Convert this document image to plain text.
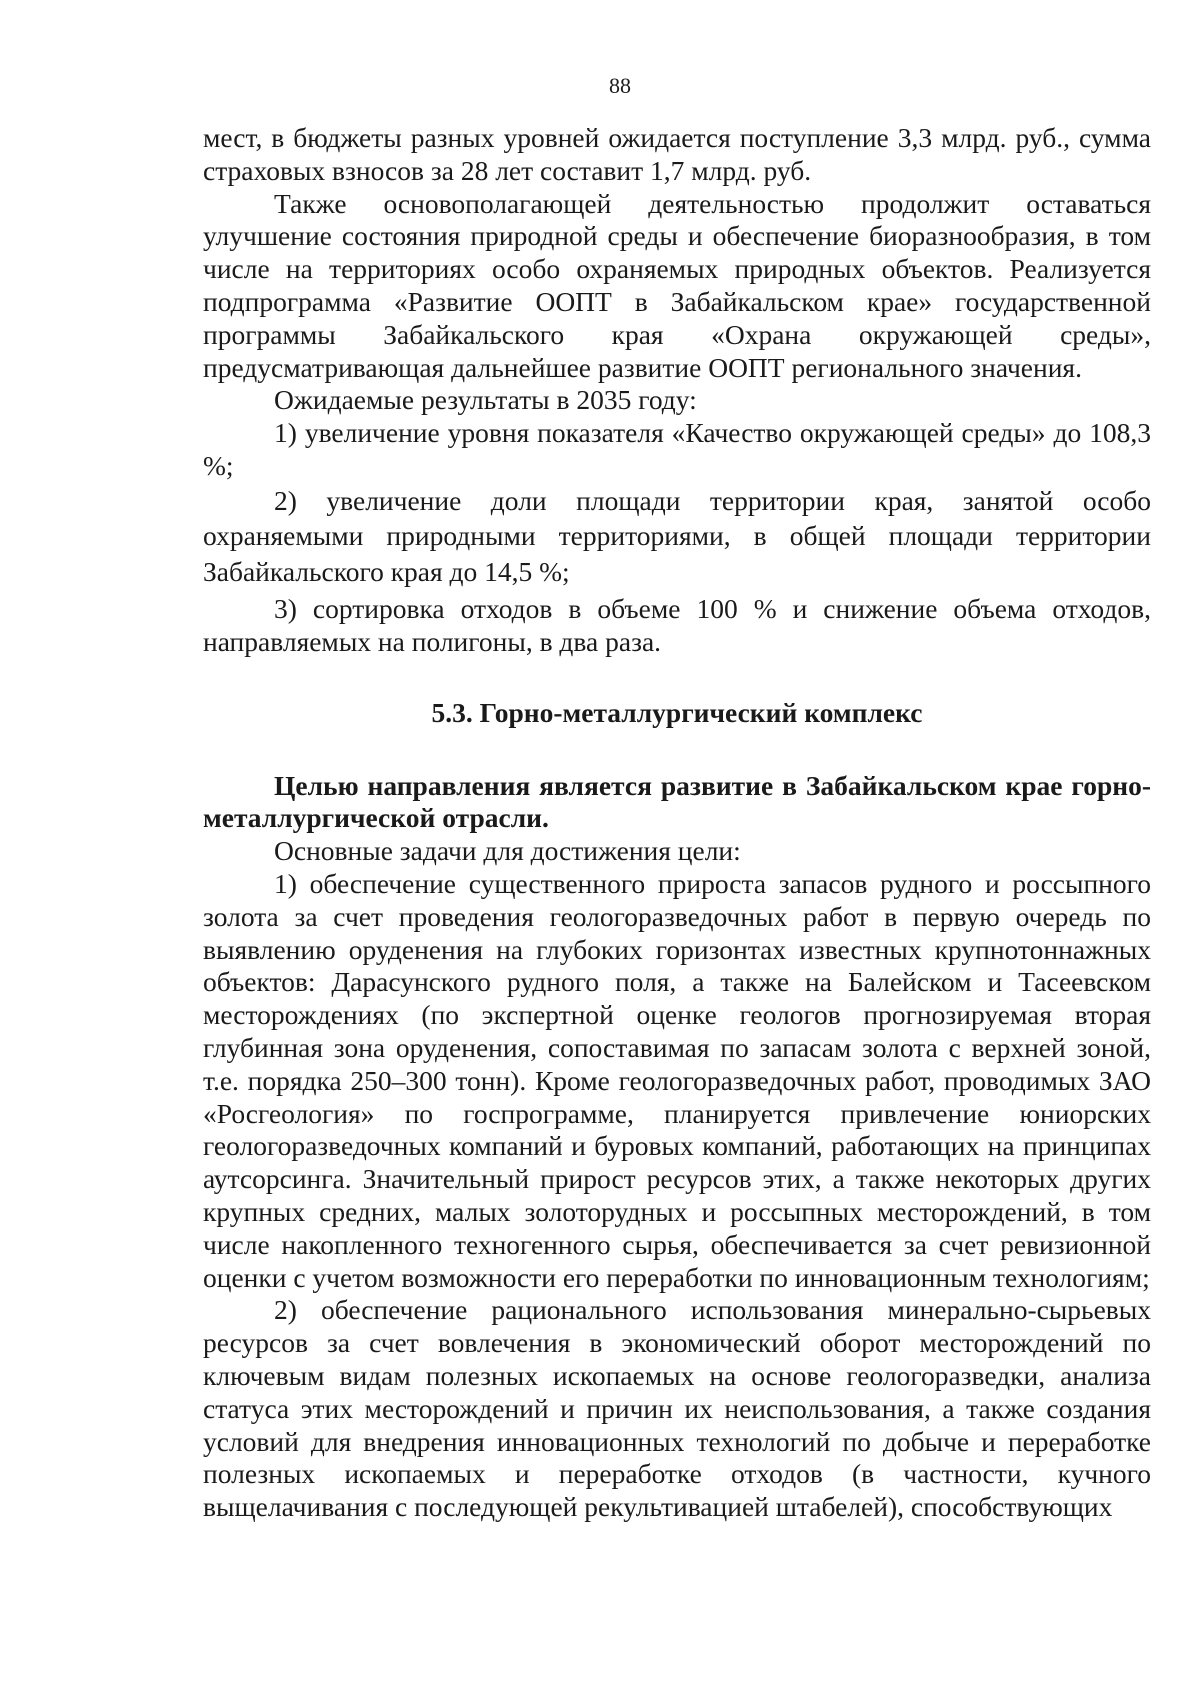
88

мест, в бюджеты разных уровней ожидается поступление 3,3 млрд. руб., сумма страховых взносов за 28 лет составит 1,7 млрд. руб.

Также основополагающей деятельностью продолжит оставаться улучшение состояния природной среды и обеспечение биоразнообразия, в том числе на территориях особо охраняемых природных объектов. Реализуется подпрограмма «Развитие ООПТ в Забайкальском крае» государственной программы Забайкальского края «Охрана окружающей среды», предусматривающая дальнейшее развитие ООПТ регионального значения.

Ожидаемые результаты в 2035 году:

1) увеличение уровня показателя «Качество окружающей среды» до 108,3 %;

2) увеличение доли площади территории края, занятой особо охраняемыми природными территориями, в общей площади территории Забайкальского края до 14,5 %;

3) сортировка отходов в объеме 100 % и снижение объема отходов, направляемых на полигоны, в два раза.

5.3. Горно-металлургический комплекс

Целью направления является развитие в Забайкальском крае горно-металлургической отрасли.

Основные задачи для достижения цели:

1) обеспечение существенного прироста запасов рудного и россыпного золота за счет проведения геологоразведочных работ в первую очередь по выявлению оруденения на глубоких горизонтах известных крупнотоннажных объектов: Дарасунского рудного поля, а также на Балейском и Тасеевском месторождениях (по экспертной оценке геологов прогнозируемая вторая глубинная зона оруденения, сопоставимая по запасам золота с верхней зоной, т.е. порядка 250–300 тонн). Кроме геологоразведочных работ, проводимых ЗАО «Росгеология» по госпрограмме, планируется привлечение юниорских геологоразведочных компаний и буровых компаний, работающих на принципах аутсорсинга. Значительный прирост ресурсов этих, а также некоторых других крупных средних, малых золоторудных и россыпных месторождений, в том числе накопленного техногенного сырья, обеспечивается за счет ревизионной оценки с учетом возможности его переработки по инновационным технологиям;

2) обеспечение рационального использования минерально-сырьевых ресурсов за счет вовлечения в экономический оборот месторождений по ключевым видам полезных ископаемых на основе геологоразведки, анализа статуса этих месторождений и причин их неиспользования, а также создания условий для внедрения инновационных технологий по добыче и переработке полезных ископаемых и переработке отходов (в частности, кучного выщелачивания с последующей рекультивацией штабелей), способствующих
